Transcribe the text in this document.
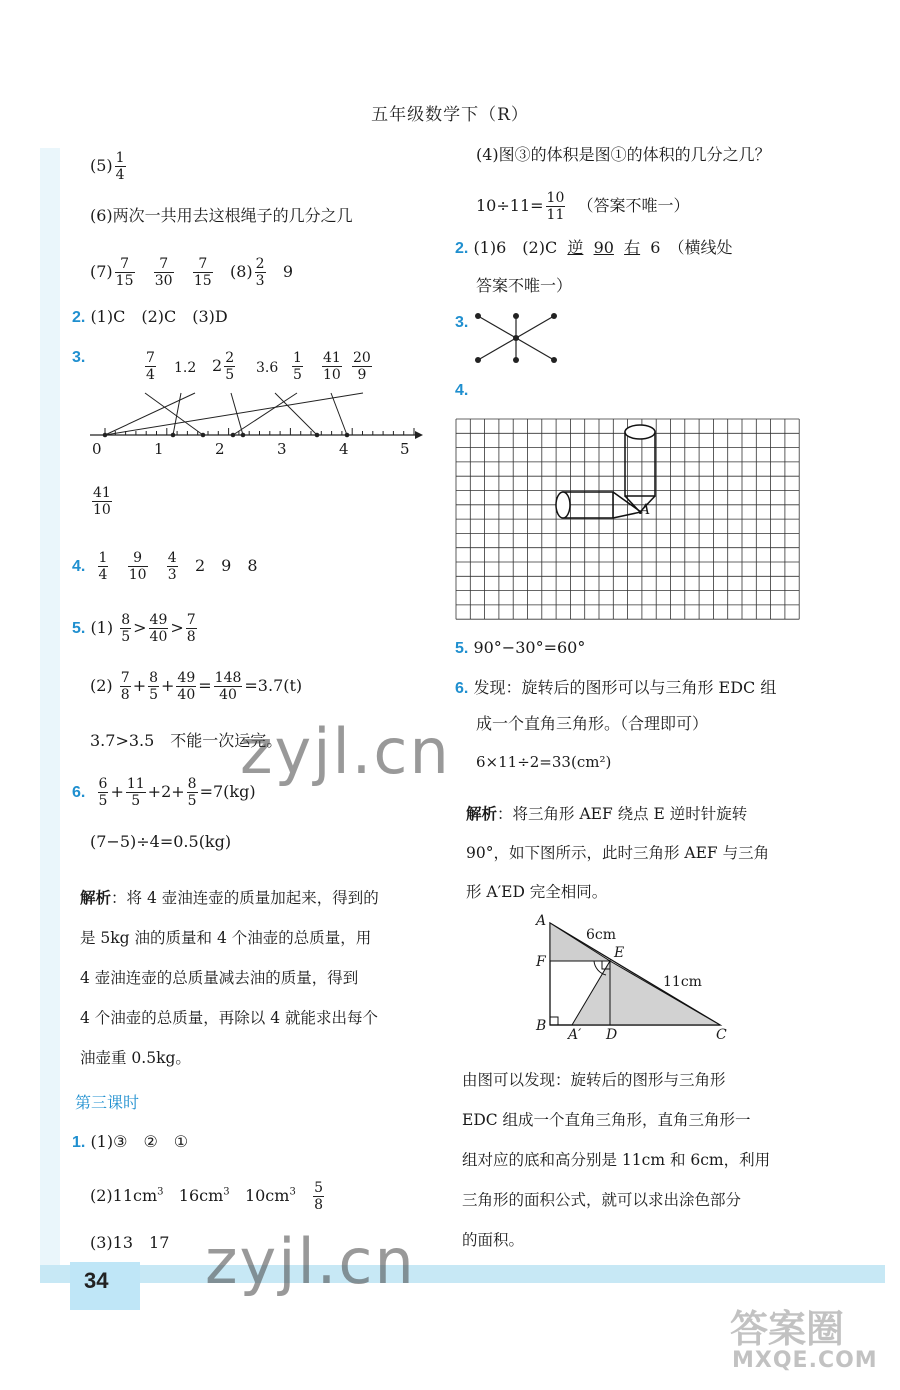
五年级数学下（R）
$(5) \frac{1}{4}$
(6)两次一共用去这根绳子的几分之几
$(7) \frac{7}{15}$
$\frac{7}{30}$
$\frac{7}{15} (8) \frac{2}{3} 9$
2. (1)C　(2)C　(3)D
3.	$\frac{7}{4} 1.2$ $2 \frac{2}{5} 3.6 \frac{1}{5} \frac{41}{10} \frac{20}{9}$
0	1	2	3	4	5
$\frac{41}{10}$
4. $\frac{1}{4}$
$\frac{9}{10}$
$\frac{4}{3} 2$　9　8
5. $(1) \frac{8}{5} > \frac{49}{40} > \frac{7}{8}$
$(2) \frac{7}{8} + \frac{8}{5} + \frac{49}{40} = \frac{148}{40} =3.7(t)$
3.7>3.5　不能一次运完。
6. $\frac{6}{5} + \frac{11}{5} +2+ \frac{8}{5} =7(kg)$
(7−5)÷4=0.5(kg)
解析：将 4 壶油连壶的质量加起来，得到的
是 5kg 油的质量和 4 个油壶的总质量，用
4 壶油连壶的总质量减去油的质量，得到
4 个油壶的总质量，再除以 4 就能求出每个
油壶重 0.5kg。
第三课时
1. (1)③　②　①
$(2)11cm^3$ $16cm^3$ $10cm^3 \frac{5}{8}$
(3)13　17
(4)图③的体积是图①的体积的几分之几？
$10\div 11= \frac{10}{11}$ （答案不唯一）
2. (1)6　(2)C 逆 90 右 6　（横线处
答案不唯一）
3.
4.
A
5. 90°−30°=60°
6. 发现：旋转后的图形可以与三角形 EDC 组
成一个直角三角形。（合理即可）
6×11÷2=33(cm²)
解析：将三角形 AEF 绕点 E 逆时针旋转
90°，如下图所示，此时三角形 AEF 与三角
形 A′ED 完全相同。
A
6cm
E
F
11cm
B
A′ D	C
由图可以发现：旋转后的图形与三角形
EDC 组成一个直角三角形，直角三角形一
组对应的底和高分别是 11cm 和 6cm，利用
三角形的面积公式，就可以求出涂色部分
的面积。
34
zyjl.cn
zyjl.cn
答案圈
MXQE.COM
